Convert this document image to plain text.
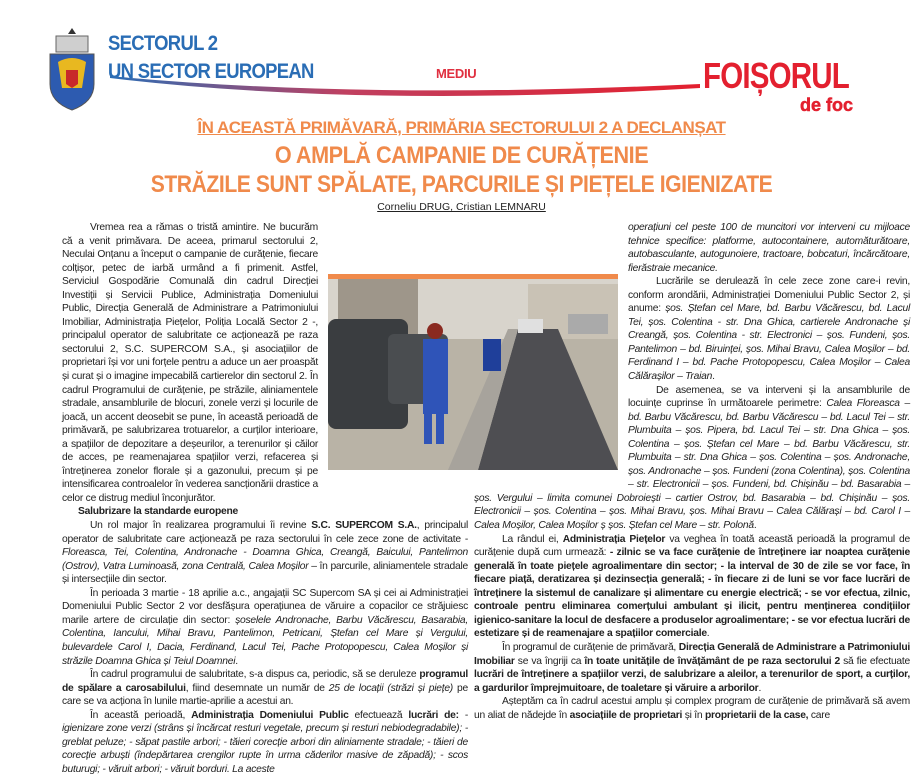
SECTORUL 2
UN SECTOR EUROPEAN	MEDIU	FOIȘORUL
de foc
ÎN ACEASTĂ PRIMĂVARĂ, PRIMĂRIA SECTORULUI 2 A DECLANȘAT
O AMPLĂ CAMPANIE DE CURĂȚENIE
STRĂZILE SUNT SPĂLATE, PARCURILE ȘI PIEȚELE IGIENIZATE
Corneliu DRUG, Cristian LEMNARU

Vremea rea a rămas o tristă amintire. Ne bucurăm că a venit primăvara. De aceea, primarul sectorului 2, Neculai Onțanu a început o campanie de curățenie, fiecare colțișor, petec de iarbă urmând a fi primenit. Astfel, Serviciul Gospodărie Comunală din cadrul Direcției Investiții și Servicii Publice, Administrația Domeniului Public, Direcția Generală de Administrare a Patrimoniului Imobiliar, Administrația Piețelor, Poliția Locală Sector 2 -, principalul operator de salubritate ce acționează pe raza sectorului 2, S.C. SUPERCOM S.A., și asociațiilor de proprietari își vor uni forțele pentru a aduce un aer proaspăt și curat și o imagine impecabilă cartierelor din sectorul 2. În cadrul Programului de curățenie, pe străzile, aliniamentele stradale, ansamblurile de blocuri, zonele verzi și locurile de joacă, un accent deosebit se pune, în această perioadă de primăvară, pe salubrizarea trotuarelor, a curților interioare, a spațiilor de depozitare a deșeurilor, a terenurilor și căilor de acces, pe reamenajarea spațiilor verzi, refacerea și întreținerea zonelor florale și a gazonului, precum și pe intensificarea controalelor în vederea sancționării drastice a celor ce distrug mediul înconjurător.

Salubrizare la standarde europene

Un rol major în realizarea programului îi revine S.C. SUPERCOM S.A., principalul operator de salubritate care acționează pe raza sectorului în cele zece zone de activitate - Floreasca, Tei, Colentina, Andronache - Doamna Ghica, Creangă, Baicului, Pantelimon (Ostrov), Vatra Luminoasă, zona Centrală, Calea Moșilor – în parcurile, aliniamentele stradale și intersecțiile din sector.

În perioada 3 martie - 18 aprilie a.c., angajații SC Supercom SA și cei ai Administrației Domeniului Public Sector 2 vor desfășura operațiunea de văruire a copacilor ce străjuiesc marile artere de circulație din sector: șoselele Andronache, Barbu Văcărescu, Basarabia, Colentina, Iancului, Mihai Bravu, Pantelimon, Petricani, Ștefan cel Mare și Vergului, bulevardele Carol I, Dacia, Ferdinand, Lacul Tei, Pache Protopopescu, Calea Moșilor și străzile Doamna Ghica și Teiul Doamnei.

În cadrul programului de salubritate, s-a dispus ca, periodic, să se deruleze programul de spălare a carosabilului, fiind desemnate un număr de 25 de locații (străzi și piețe) pe care se va acționa în lunile martie-aprilie a acestui an.

În această perioadă, Administrația Domeniului Public efectuează lucrări de: - igienizare zone verzi (strâns și încărcat resturi vegetale, precum și resturi nebiodegradabile); - greblat peluze; - săpat pastile arbori; - tăieri corecție arbori din aliniamente stradale; - tăieri de corecție arbuști (îndepărtarea crengilor rupte în urma căderilor masive de zăpadă); - scos buturugi; - văruit arbori; - văruit borduri. La aceste

operațiuni cel peste 100 de muncitori vor interveni cu mijloace tehnice specifice: platforme, autocontainere, automăturătoare, autobasculante, autogunoiere, tractoare, bobcaturi, încărcătoare, fierăstraie mecanice.

Lucrările se derulează în cele zece zone care-i revin, conform arondării, Administrației Domeniului Public Sector 2, și anume: șos. Ștefan cel Mare, bd. Barbu Văcărescu, bd. Lacul Tei, șos. Colentina - str. Dna Ghica, cartierele Andronache și Creangă, șos. Colentina - str. Electronici – șos. Fundeni, șos. Pantelimon – bd. Biruinței, șos. Mihai Bravu, Calea Moșilor – bd. Ferdinand I – bd. Pache Protopopescu, Calea Moșilor – Calea Călărașilor – Traian.

De asemenea, se va interveni și la ansamblurile de locuințe cuprinse în următoarele perimetre: Calea Floreasca – bd. Barbu Văcărescu, bd. Barbu Văcărescu – bd. Lacul Tei – str. Plumbuita – șos. Pipera, bd. Lacul Tei – str. Dna Ghica – șos. Colentina – șos. Ștefan cel Mare – bd. Barbu Văcărescu, str. Plumbuita – str. Dna Ghica – șos. Colentina – șos. Andronache, șos. Andronache – șos. Fundeni (zona Colentina), șos. Colentina – str. Electronicii – șos. Fundeni, bd. Chișinău – bd. Basarabia – șos. Vergului – limita comunei Dobroiești – cartier Ostrov, bd. Basarabia – bd. Chișinău – șos. Electronicii – șos. Colentina – șos. Mihai Bravu, șos. Mihai Bravu – Calea Călărași – bd. Carol I – Calea Moșilor, Calea Moșilor ș șos. Ștefan cel Mare – str. Polonă.

La rândul ei, Administrația Piețelor va veghea în toată această perioadă la programul de curățenie după cum urmează: - zilnic se va face curățenie de întreținere iar noaptea curățenie generală în toate piețele agroalimentare din sector; - la interval de 30 de zile se vor face, în fiecare piață, deratizarea și dezinsecția generală; - în fiecare zi de luni se vor face lucrări de întreținere la sistemul de canalizare și alimentare cu energie electrică; - se vor efectua, zilnic, controale pentru eliminarea comerțului ambulant și ilicit, pentru menținerea condițiilor igienico-sanitare la locul de desfacere a produselor agroalimentare; - se vor efectua lucrări de estetizare și de reamenajare a spațiilor comerciale.

În programul de curățenie de primăvară, Direcția Generală de Administrare a Patrimoniului Imobiliar se va îngriji ca în toate unitățile de învățământ de pe raza sectorului 2 să fie efectuate lucrări de întreținere a spațiilor verzi, de salubrizare a aleilor, a terenurilor de sport, a curților, a gardurilor împrejmuitoare, de toaletare și văruire a arborilor.

Așteptăm ca în cadrul acestui amplu și complex program de curățenie de primăvară să avem un aliat de nădejde în asociațiile de proprietari și în proprietarii de la case, care
